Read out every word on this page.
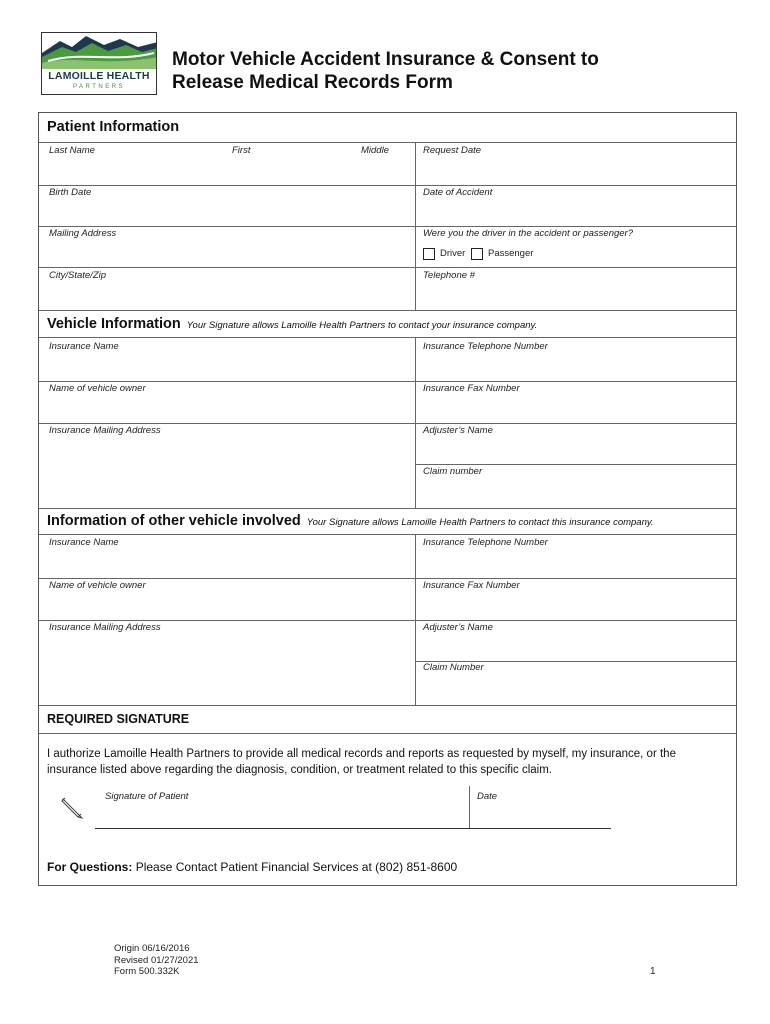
LAMOILLE HEALTH
PARTNERS
Motor Vehicle Accident Insurance & Consent to
Release Medical Records Form
Patient Information
Last Name	First	Middle	Request Date
Birth Date	Date of Accident
Mailing Address	Were you the driver in the accident or passenger?
Driver Passenger
City/State/Zip	Telephone #
Vehicle Information Your Signature allows Lamoille Health Partners to contact your insurance company.
Insurance Name	Insurance Telephone Number
Name of vehicle owner	Insurance Fax Number
Insurance Mailing Address	Adjuster’s Name
Claim number
Information of other vehicle involved Your Signature allows Lamoille Health Partners to contact this insurance company.
Insurance Name	Insurance Telephone Number
Name of vehicle owner	Insurance Fax Number
Insurance Mailing Address	Adjuster’s Name
Claim Number
REQUIRED SIGNATURE
I authorize Lamoille Health Partners to provide all medical records and reports as requested by myself, my insurance, or the insurance listed above regarding the diagnosis, condition, or treatment related to this specific claim.
Signature of Patient	Date
For Questions: Please Contact Patient Financial Services at (802) 851-8600
Origin 06/16/2016
Revised 01/27/2021
Form 500.332K	1
